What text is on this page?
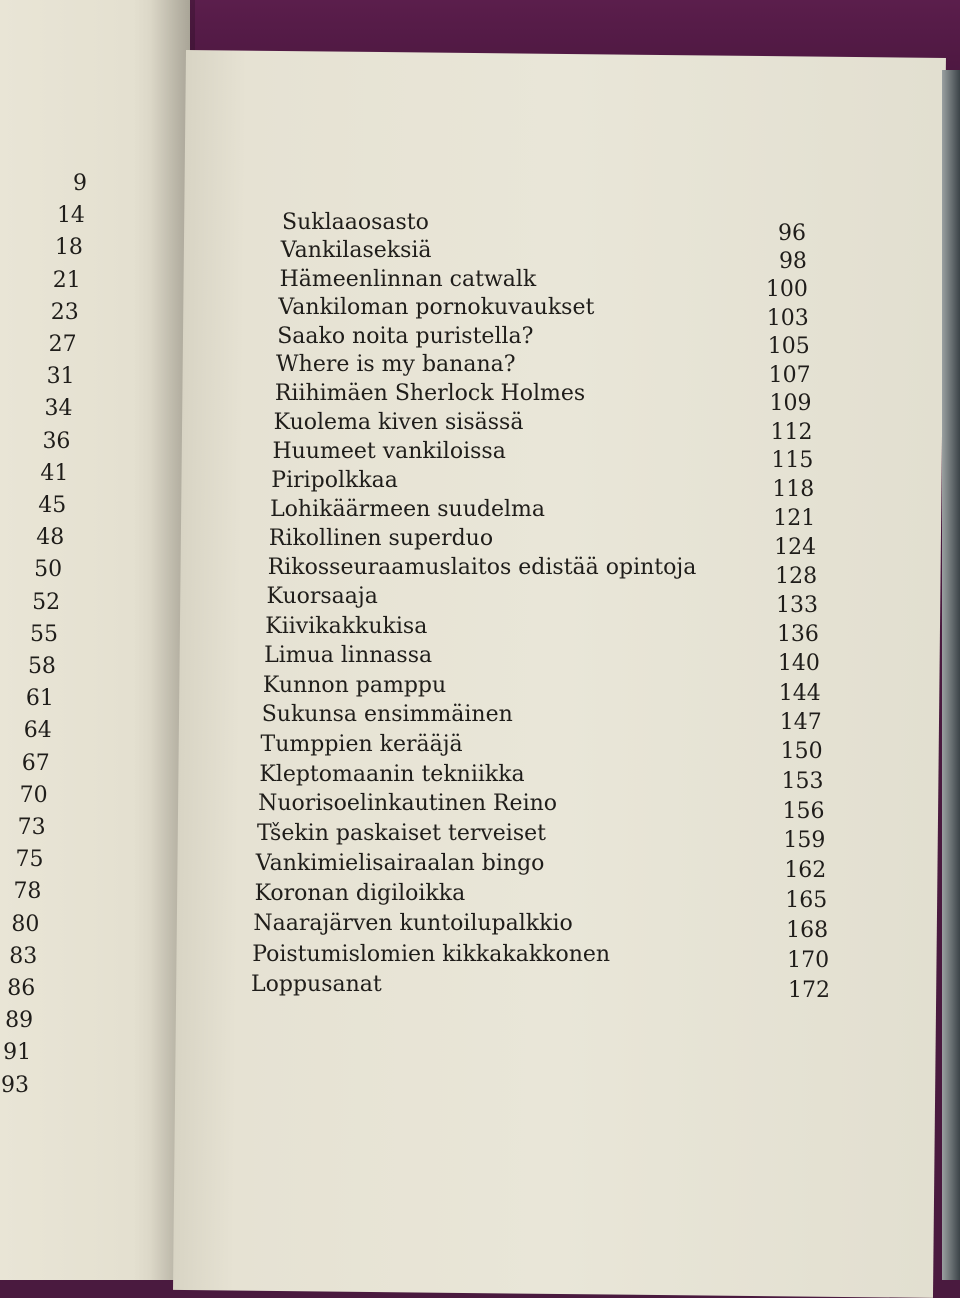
9
14
18
21
23
27
31
34
36
41
45
48
50
52
55
58
61
64
67
70
73
75
78
80
83
86
89
91
93
Suklaaosasto	96
Vankilaseksiä	98
Hämeenlinnan catwalk	100
Vankiloman pornokuvaukset	103
Saako noita puristella?	105
Where is my banana?	107
Riihimäen Sherlock Holmes	109
Kuolema kiven sisässä	112
Huumeet vankiloissa	115
Piripolkkaa	118
Lohikäärmeen suudelma	121
Rikollinen superduo	124
Rikosseuraamuslaitos edistää opintoja	128
Kuorsaaja	133
Kiivikakkukisa	136
Limua linnassa	140
Kunnon pamppu	144
Sukunsa ensimmäinen	147
Tumppien kerääjä	150
Kleptomaanin tekniikka	153
Nuorisoelinkautinen Reino	156
Tšekin paskaiset terveiset	159
Vankimielisairaalan bingo	162
Koronan digiloikka	165
Naarajärven kuntoilupalkkio	168
Poistumislomien kikkakakkonen	170
Loppusanat	172
